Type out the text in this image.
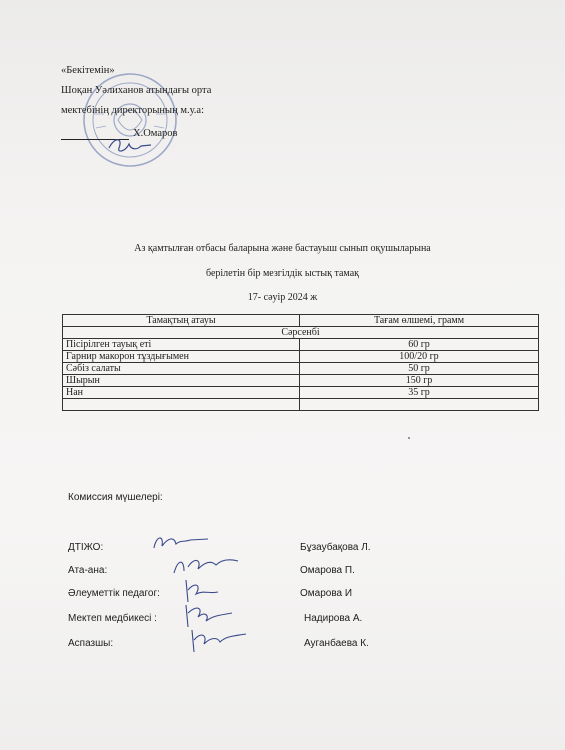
«Бекітемін»
Шоқан Уәлиханов атындағы орта
мектебінің директорының м.у.а:
Х.Омаров
Аз қамтылған отбасы баларына және бастауыш сынып оқушыларына
берілетін бір мезгілдік ыстық тамақ
17- сәуір 2024 ж
Тамақтың атауы	Тағам өлшемі, грамм
Сәрсенбі	
Пісірілген тауық еті	60 гр
Гарнир макорон тұздығымен	100/20 гр
Сәбіз салаты	50 гр
Шырын	150 гр
Нан	35 гр

Комиссия мүшелері:
ДТІЖО:	Бұзаубақова Л.
Ата-ана:	Омарова П.
Әлеуметтік педагог:	Омарова И
Мектеп медбикесі :	Надирова А.
Аспазшы:	Ауганбаева К.
